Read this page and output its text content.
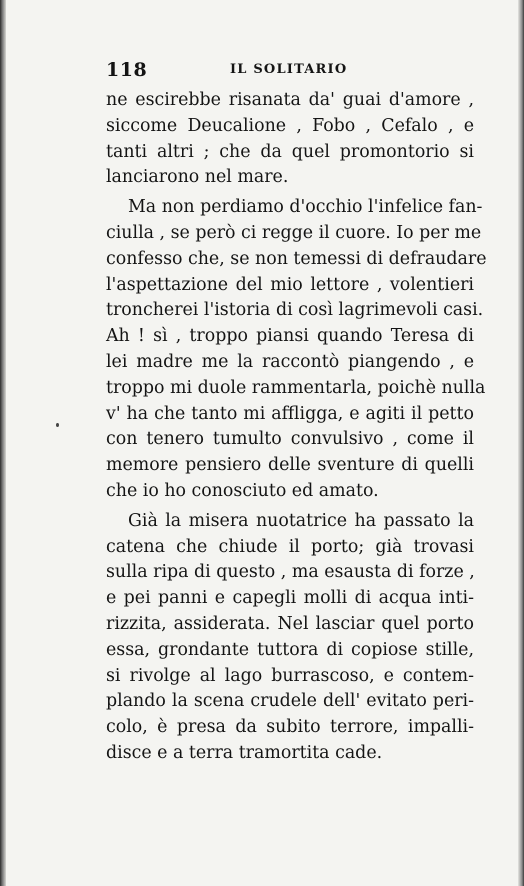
118	IL SOLITARIO

ne escirebbe risanata da' guai d'amore ,
siccome Deucalione , Fobo , Cefalo , e
tanti altri ; che da quel promontorio si
lanciarono nel mare.

Ma non perdiamo d'occhio l'infelice fan-
ciulla , se però ci regge il cuore. Io per me
confesso che, se non temessi di defraudare
l'aspettazione del mio lettore , volentieri
troncherei l'istoria di così lagrimevoli casi.
Ah ! sì , troppo piansi quando Teresa di
lei madre me la raccontò piangendo , e
troppo mi duole rammentarla, poichè nulla
v' ha che tanto mi affligga, e agiti il petto
con tenero tumulto convulsivo , come il
memore pensiero delle sventure di quelli
che io ho conosciuto ed amato.

Già la misera nuotatrice ha passato la
catena che chiude il porto; già trovasi
sulla ripa di questo , ma esausta di forze ,
e pei panni e capegli molli di acqua inti-
rizzita, assiderata. Nel lasciar quel porto
essa, grondante tuttora di copiose stille,
si rivolge al lago burrascoso, e contem-
plando la scena crudele dell' evitato peri-
colo, è presa da subito terrore, impalli-
disce e a terra tramortita cade.
